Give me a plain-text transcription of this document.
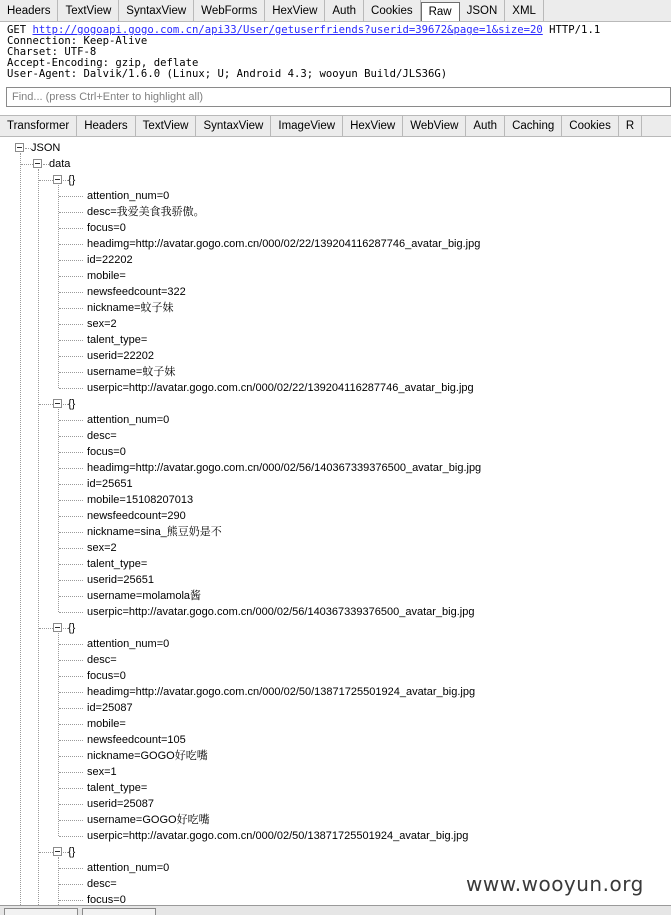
Headers	TextView	SyntaxView	WebForms	HexView	Auth	Cookies	Raw	JSON	XML
GET http://gogoapi.gogo.com.cn/api33/User/getuserfriends?userid=39672&page=1&size=20 HTTP/1.1
Connection: Keep-Alive
Charset: UTF-8
Accept-Encoding: gzip, deflate
User-Agent: Dalvik/1.6.0 (Linux; U; Android 4.3; wooyun Build/JLS36G)
Find... (press Ctrl+Enter to highlight all)
Transformer	Headers	TextView	SyntaxView	ImageView	HexView	WebView	Auth	Caching	Cookies	R
JSON
data
{}
attention_num=0
desc=我爱美食我骄傲。
focus=0
headimg=http://avatar.gogo.com.cn/000/02/22/139204116287746_avatar_big.jpg
id=22202
mobile=
newsfeedcount=322
nickname=蚊子妹
sex=2
talent_type=
userid=22202
username=蚊子妹
userpic=http://avatar.gogo.com.cn/000/02/22/139204116287746_avatar_big.jpg
{}
attention_num=0
desc=
focus=0
headimg=http://avatar.gogo.com.cn/000/02/56/140367339376500_avatar_big.jpg
id=25651
mobile=15108207013
newsfeedcount=290
nickname=sina_熊豆奶是不
sex=2
talent_type=
userid=25651
username=molamola酱
userpic=http://avatar.gogo.com.cn/000/02/56/140367339376500_avatar_big.jpg
{}
attention_num=0
desc=
focus=0
headimg=http://avatar.gogo.com.cn/000/02/50/13871725501924_avatar_big.jpg
id=25087
mobile=
newsfeedcount=105
nickname=GOGO好吃嘴
sex=1
talent_type=
userid=25087
username=GOGO好吃嘴
userpic=http://avatar.gogo.com.cn/000/02/50/13871725501924_avatar_big.jpg
{}
attention_num=0
desc=
focus=0
www.wooyun.org
